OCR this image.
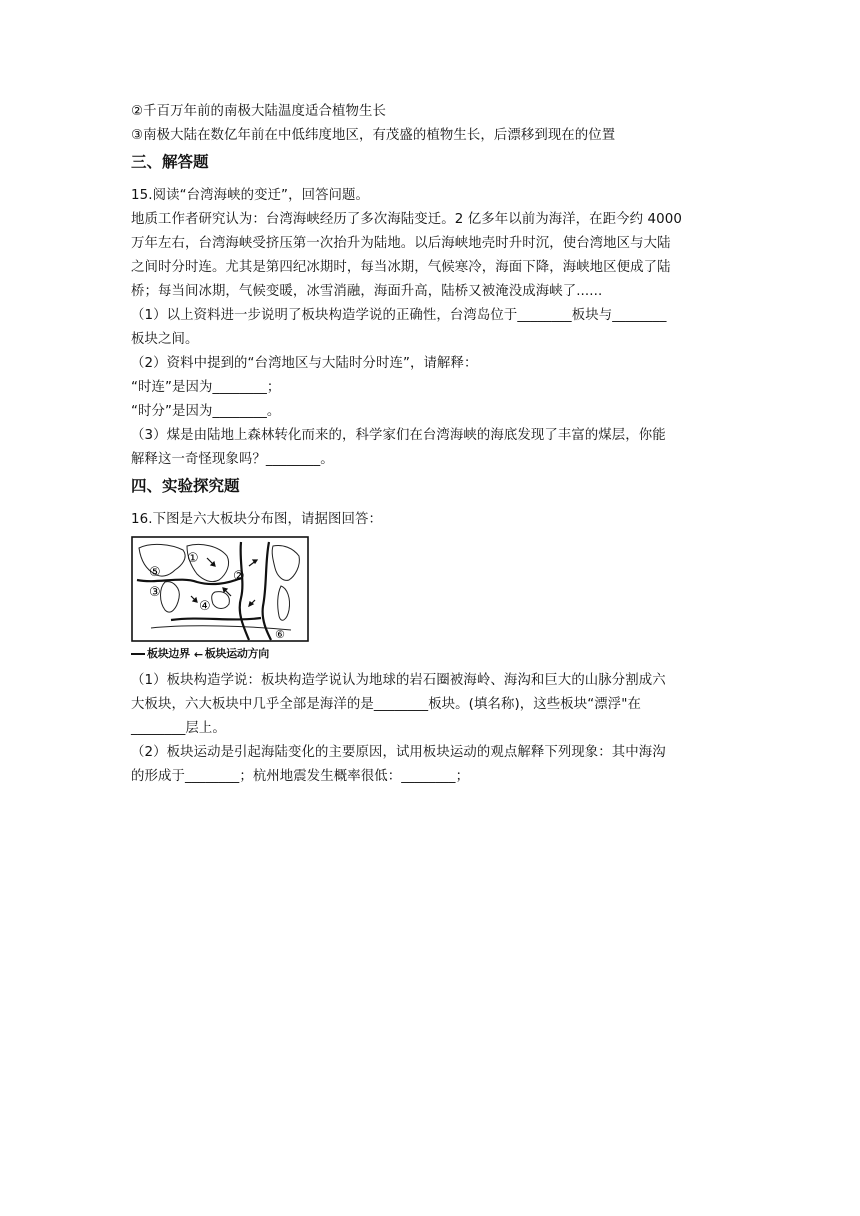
②千百万年前的南极大陆温度适合植物生长
③南极大陆在数亿年前在中低纬度地区，有茂盛的植物生长，后漂移到现在的位置
三、解答题
15.阅读“台湾海峡的变迁”，回答问题。
地质工作者研究认为：台湾海峡经历了多次海陆变迁。2 亿多年以前为海洋，在距今约 4000
万年左右，台湾海峡受挤压第一次抬升为陆地。以后海峡地壳时升时沉，使台湾地区与大陆
之间时分时连。尤其是第四纪冰期时，每当冰期，气候寒冷，海面下降，海峡地区便成了陆
桥；每当间冰期，气候变暖，冰雪消融，海面升高，陆桥又被淹没成海峡了......
（1）以上资料进一步说明了板块构造学说的正确性，台湾岛位于________板块与________
板块之间。
（2）资料中提到的“台湾地区与大陆时分时连”，请解释：
“时连”是因为________；
“时分”是因为________。
（3）煤是由陆地上森林转化而来的，科学家们在台湾海峡的海底发现了丰富的煤层，你能
解释这一奇怪现象吗？________。
四、实验探究题
16.下图是六大板块分布图，请据图回答：
①
②
③
④
⑤
⑥
板块边界 ← 板块运动方向
（1）板块构造学说：板块构造学说认为地球的岩石圈被海岭、海沟和巨大的山脉分割成六
大板块，六大板块中几乎全部是海洋的是________板块。(填名称)，这些板块“漂浮"在
________层上。
（2）板块运动是引起海陆变化的主要原因，试用板块运动的观点解释下列现象：其中海沟
的形成于________；杭州地震发生概率很低：________；
